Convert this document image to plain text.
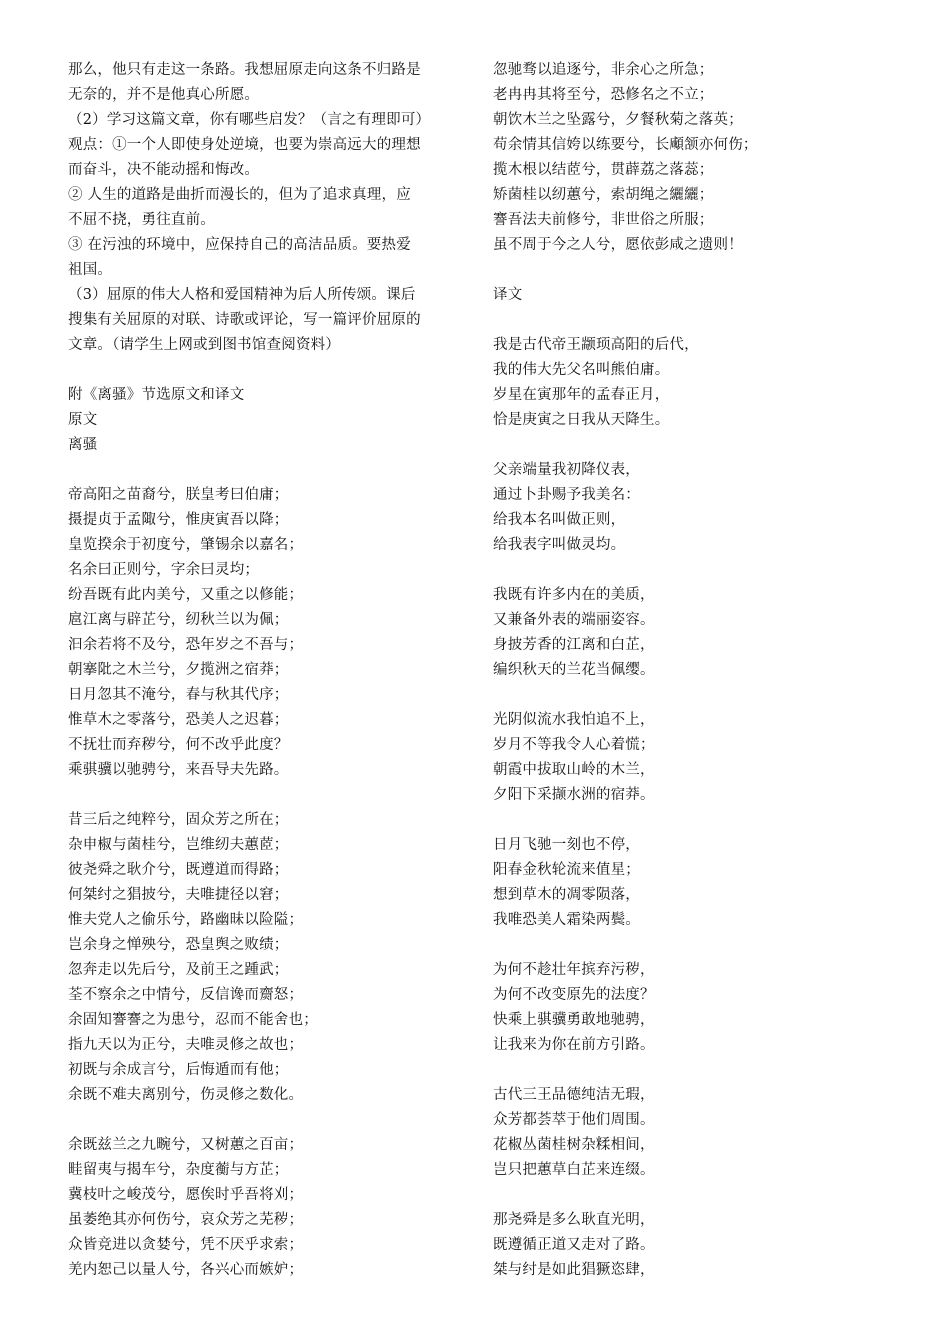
那么，他只有走这一条路。我想屈原走向这条不归路是
无奈的，并不是他真心所愿。
（2）学习这篇文章，你有哪些启发？（言之有理即可）
观点：①一个人即使身处逆境，也要为崇高远大的理想
而奋斗，决不能动摇和悔改。
② 人生的道路是曲折而漫长的，但为了追求真理，应
不屈不挠，勇往直前。
③ 在污浊的环境中，应保持自己的高洁品质。要热爱
祖国。
（3）屈原的伟大人格和爱国精神为后人所传颂。课后
搜集有关屈原的对联、诗歌或评论，写一篇评价屈原的
文章。（请学生上网或到图书馆查阅资料）
附《离骚》节选原文和译文
原文
离骚
帝高阳之苗裔兮，朕皇考曰伯庸；
摄提贞于孟陬兮，惟庚寅吾以降；
皇览揆余于初度兮，肇锡余以嘉名；
名余曰正则兮，字余曰灵均；
纷吾既有此内美兮，又重之以修能；
扈江离与辟芷兮，纫秋兰以为佩；
汩余若将不及兮，恐年岁之不吾与；
朝搴阰之木兰兮，夕揽洲之宿莽；
日月忽其不淹兮，春与秋其代序；
惟草木之零落兮，恐美人之迟暮；
不抚壮而弃秽兮，何不改乎此度？
乘骐骥以驰骋兮，来吾导夫先路。
昔三后之纯粹兮，固众芳之所在；
杂申椒与菌桂兮，岂维纫夫蕙茝；
彼尧舜之耿介兮，既遵道而得路；
何桀纣之猖披兮，夫唯捷径以窘；
惟夫党人之偷乐兮，路幽昧以险隘；
岂余身之惮殃兮，恐皇舆之败绩；
忽奔走以先后兮，及前王之踵武；
荃不察余之中情兮，反信谗而齌怒；
余固知謇謇之为患兮，忍而不能舍也；
指九天以为正兮，夫唯灵修之故也；
初既与余成言兮，后悔遁而有他；
余既不难夫离别兮，伤灵修之数化。
余既兹兰之九畹兮，又树蕙之百亩；
畦留夷与揭车兮，杂度蘅与方芷；
冀枝叶之峻茂兮，愿俟时乎吾将刈；
虽萎绝其亦何伤兮，哀众芳之芜秽；
众皆竞进以贪婪兮，凭不厌乎求索；
羌内恕己以量人兮，各兴心而嫉妒；
忽驰骛以追逐兮，非余心之所急；
老冉冉其将至兮，恐修名之不立；
朝饮木兰之坠露兮，夕餐秋菊之落英；
苟余情其信姱以练要兮，长顑颔亦何伤；
揽木根以结茝兮，贯薜荔之落蕊；
矫菌桂以纫蕙兮，索胡绳之纚纚；
謇吾法夫前修兮，非世俗之所服；
虽不周于今之人兮，愿依彭咸之遗则！
译文
我是古代帝王颛顼高阳的后代，
我的伟大先父名叫熊伯庸。
岁星在寅那年的孟春正月，
恰是庚寅之日我从天降生。
父亲端量我初降仪表，
通过卜卦赐予我美名：
给我本名叫做正则，
给我表字叫做灵均。
我既有许多内在的美质，
又兼备外表的端丽姿容。
身披芳香的江离和白芷，
编织秋天的兰花当佩缨。
光阴似流水我怕追不上，
岁月不等我令人心着慌；
朝霞中拔取山岭的木兰，
夕阳下采撷水洲的宿莽。
日月飞驰一刻也不停，
阳春金秋轮流来值星；
想到草木的凋零陨落，
我唯恐美人霜染两鬓。
为何不趁壮年摈弃污秽，
为何不改变原先的法度？
快乘上骐骥勇敢地驰骋，
让我来为你在前方引路。
古代三王品德纯洁无瑕，
众芳都荟萃于他们周围。
花椒丛菌桂树杂糅相间，
岂只把蕙草白芷来连缀。
那尧舜是多么耿直光明，
既遵循正道又走对了路。
桀与纣是如此猖獗恣肆，
